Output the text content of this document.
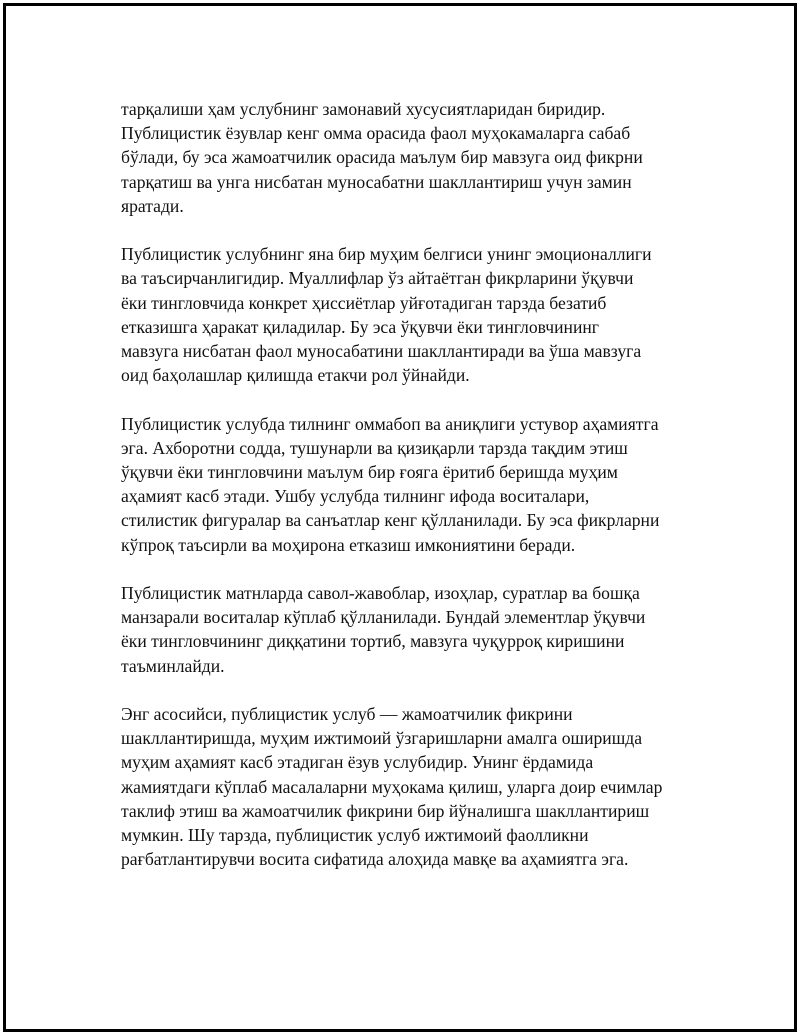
тарқалиши ҳам услубнинг замонавий хусусиятларидан биридир.
Публицистик ёзувлар кенг омма орасида фаол муҳокамаларга сабаб
бўлади, бу эса жамоатчилик орасида маълум бир мавзуга оид фикрни
тарқатиш ва унга нисбатан муносабатни шакллантириш учун замин
яратади.

Публицистик услубнинг яна бир муҳим белгиси унинг эмоционаллиги
ва таъсирчанлигидир. Муаллифлар ўз айтаётган фикрларини ўқувчи
ёки тингловчида конкрет ҳиссиётлар уйғотадиган тарзда безатиб
етказишга ҳаракат қиладилар. Бу эса ўқувчи ёки тингловчининг
мавзуга нисбатан фаол муносабатини шакллантиради ва ўша мавзуга
оид баҳолашлар қилишда етакчи рол ўйнайди.

Публицистик услубда тилнинг оммабоп ва аниқлиги устувор аҳамиятга
эга. Ахборотни содда, тушунарли ва қизиқарли тарзда тақдим этиш
ўқувчи ёки тингловчини маълум бир ғояга ёритиб беришда муҳим
аҳамият касб этади. Ушбу услубда тилнинг ифода воситалари,
стилистик фигуралар ва санъатлар кенг қўлланилади. Бу эса фикрларни
кўпроқ таъсирли ва моҳирона етказиш имкониятини беради.

Публицистик матнларда савол-жавоблар, изоҳлар, суратлар ва бошқа
манзарали воситалар кўплаб қўлланилади. Бундай элементлар ўқувчи
ёки тингловчининг диққатини тортиб, мавзуга чуқурроқ киришини
таъминлайди.

Энг асосийси, публицистик услуб — жамоатчилик фикрини
шакллантиришда, муҳим ижтимоий ўзгаришларни амалга оширишда
муҳим аҳамият касб этадиган ёзув услубидир. Унинг ёрдамида
жамиятдаги кўплаб масалаларни муҳокама қилиш, уларга доир ечимлар
таклиф этиш ва жамоатчилик фикрини бир йўналишга шакллантириш
мумкин. Шу тарзда, публицистик услуб ижтимоий фаолликни
рағбатлантирувчи восита сифатида алоҳида мавқе ва аҳамиятга эга.
